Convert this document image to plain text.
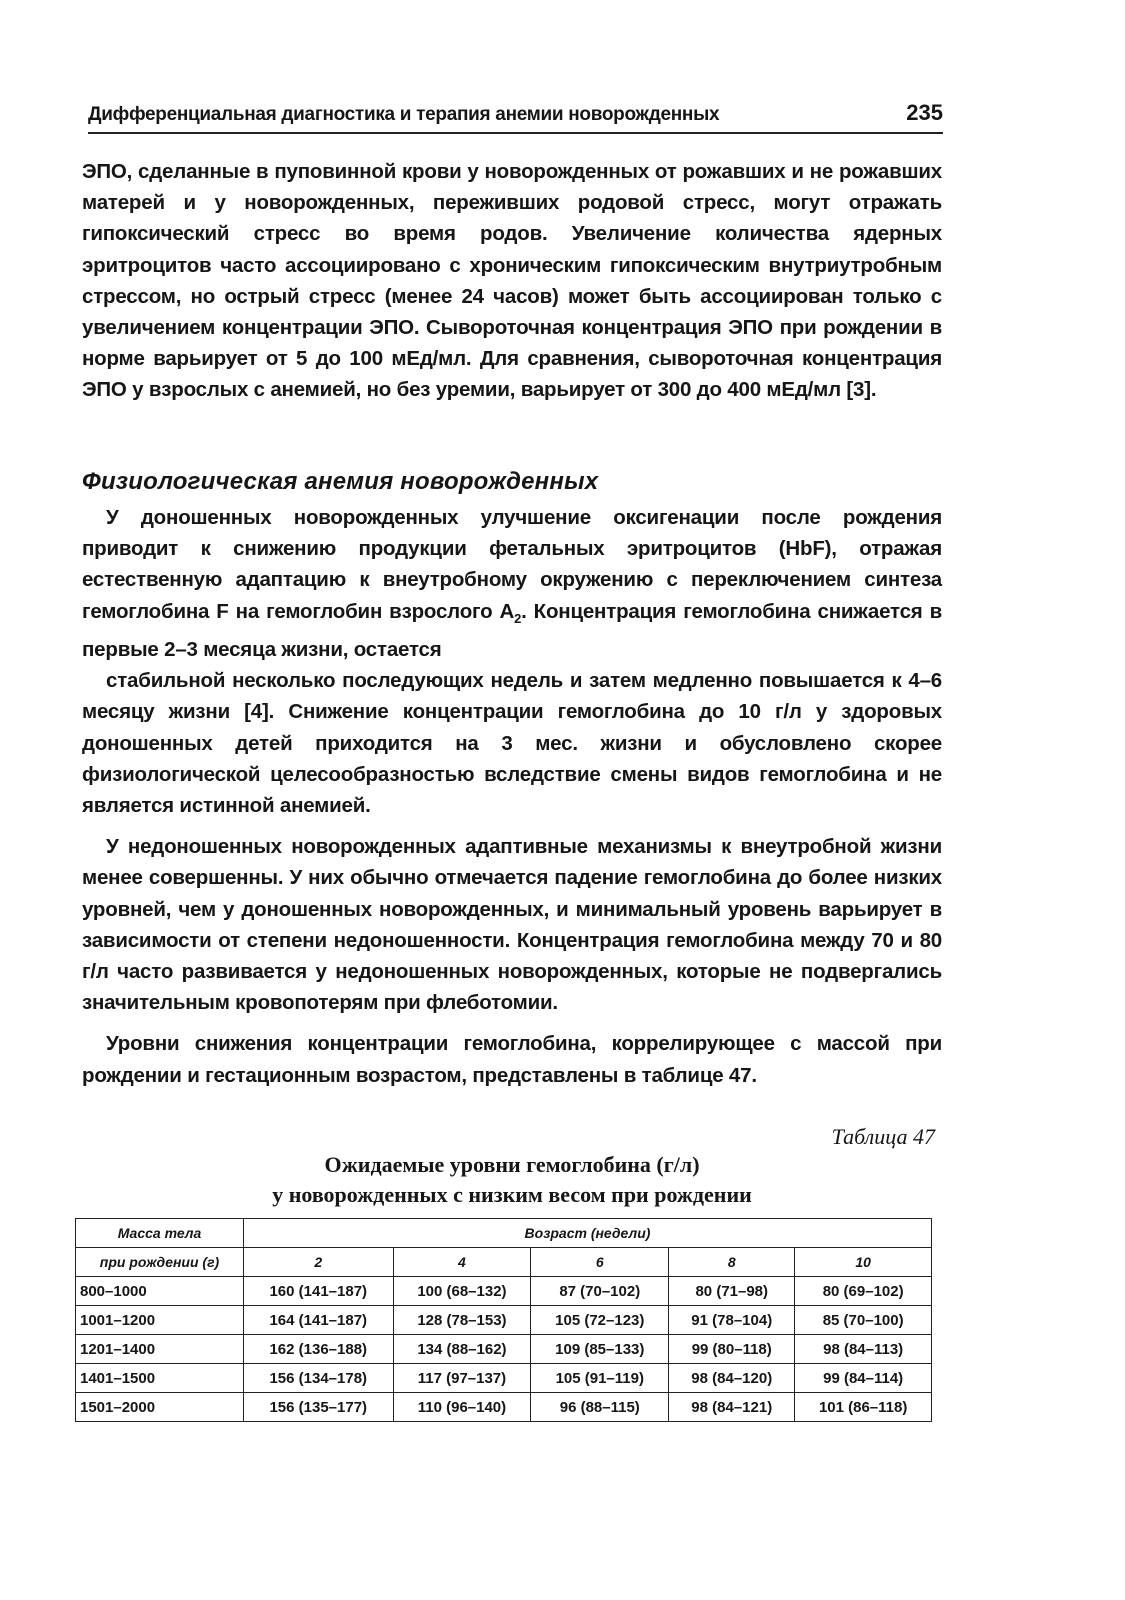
Дифференциальная диагностика и терапия анемии новорожденных	235

ЭПО, сделанные в пуповинной крови у новорожденных от рожавших и не рожавших матерей и у новорожденных, переживших родовой стресс, могут отражать гипоксический стресс во время родов. Увеличение количества ядерных эритроцитов часто ассоциировано с хроническим гипоксическим внутриутробным стрессом, но острый стресс (менее 24 часов) может быть ассоциирован только с увеличением концентрации ЭПО. Сывороточная концентрация ЭПО при рождении в норме варьирует от 5 до 100 мЕд/мл. Для сравнения, сывороточная концентрация ЭПО у взрослых с анемией, но без уремии, варьирует от 300 до 400 мЕд/мл [3].

Физиологическая анемия новорожденных

У доношенных новорожденных улучшение оксигенации после рождения приводит к снижению продукции фетальных эритроцитов (HbF), отражая естественную адаптацию к внеутробному окружению с переключением синтеза гемоглобина F на гемоглобин взрослого $A_2$. Концентрация гемоглобина снижается в первые 2–3 месяца жизни, остается

стабильной несколько последующих недель и затем медленно повышается к 4–6 месяцу жизни [4]. Снижение концентрации гемоглобина до 10 г/л у здоровых доношенных детей приходится на 3 мес. жизни и обусловлено скорее физиологической целесообразностью вследствие смены видов гемоглобина и не является истинной анемией.

У недоношенных новорожденных адаптивные механизмы к внеутробной жизни менее совершенны. У них обычно отмечается падение гемоглобина до более низких уровней, чем у доношенных новорожденных, и минимальный уровень варьирует в зависимости от степени недоношенности. Концентрация гемоглобина между 70 и 80 г/л часто развивается у недоношенных новорожденных, которые не подвергались значительным кровопотерям при флеботомии.

Уровни снижения концентрации гемоглобина, коррелирующее с массой при рождении и гестационным возрастом, представлены в таблице 47.

Таблица 47
Ожидаемые уровни гемоглобина (г/л)
у новорожденных с низким весом при рождении
Масса тела	Возраст (недели)				
при рождении (г)	2	4	6	8	10
800–1000	160 (141–187)	100 (68–132)	87 (70–102)	80 (71–98)	80 (69–102)
1001–1200	164 (141–187)	128 (78–153)	105 (72–123)	91 (78–104)	85 (70–100)
1201–1400	162 (136–188)	134 (88–162)	109 (85–133)	99 (80–118)	98 (84–113)
1401–1500	156 (134–178)	117 (97–137)	105 (91–119)	98 (84–120)	99 (84–114)
1501–2000	156 (135–177)	110 (96–140)	96 (88–115)	98 (84–121)	101 (86–118)
